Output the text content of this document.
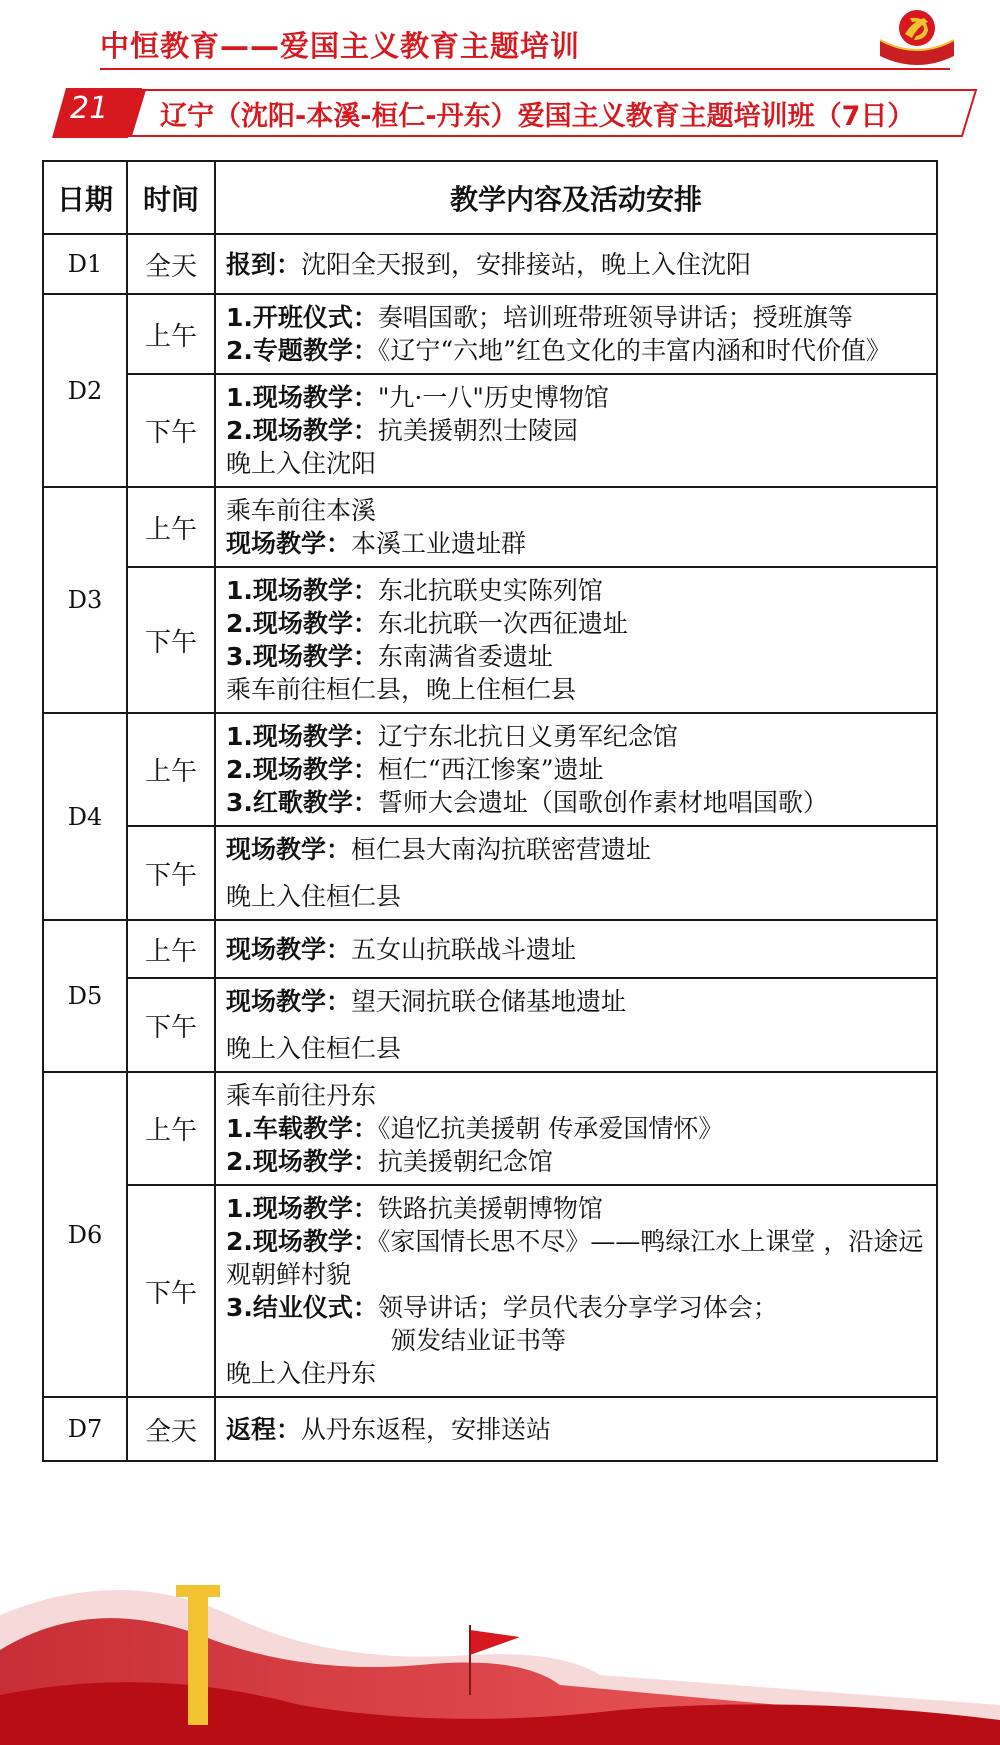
中恒教育——爱国主义教育主题培训
21	辽宁（沈阳-本溪-桓仁-丹东）爱国主义教育主题培训班（7日）
日期	时间	教学内容及活动安排
D1	全天	报到：沈阳全天报到，安排接站，晚上入住沈阳

D2	上午	1.开班仪式：奏唱国歌；培训班带班领导讲话；授班旗等
2.专题教学：《辽宁“六地”红色文化的丰富内涵和时代价值》

	下午	1.现场教学："九·一八"历史博物馆
2.现场教学：抗美援朝烈士陵园
晚上入住沈阳

D3	上午	乘车前往本溪
现场教学：本溪工业遗址群

	下午	1.现场教学：东北抗联史实陈列馆
2.现场教学：东北抗联一次西征遗址
3.现场教学：东南满省委遗址
乘车前往桓仁县，晚上住桓仁县

D4	上午	1.现场教学：辽宁东北抗日义勇军纪念馆
2.现场教学：桓仁“西江惨案”遗址
3.红歌教学：誓师大会遗址（国歌创作素材地唱国歌）

	下午	现场教学：桓仁县大南沟抗联密营遗址
晚上入住桓仁县

D5	上午	现场教学：五女山抗联战斗遗址

	下午	现场教学：望天洞抗联仓储基地遗址
晚上入住桓仁县

D6	上午	乘车前往丹东
1.车载教学：《追忆抗美援朝 传承爱国情怀》
2.现场教学：抗美援朝纪念馆

	下午	1.现场教学：铁路抗美援朝博物馆
2.现场教学：《家国情长思不尽》——鸭绿江水上课堂 ，沿途远观朝鲜村貌
3.结业仪式：领导讲话；学员代表分享学习体会；
颁发结业证书等
晚上入住丹东

D7	全天	返程：从丹东返程，安排送站
